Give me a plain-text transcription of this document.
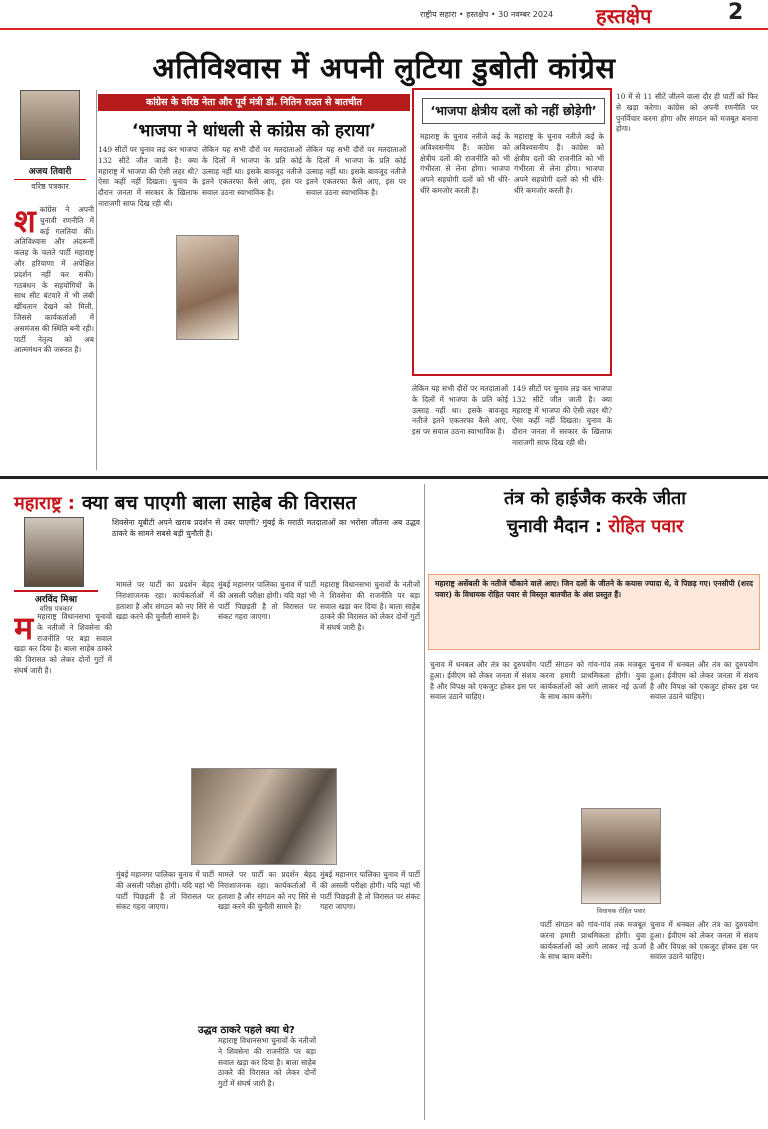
राष्ट्रीय सहारा • हस्तक्षेप • 30 नवम्बर 2024 हस्तक्षेप	2
अतिविश्वास में अपनी लुटिया डुबोती कांग्रेस
अजय तिवारी
वरिष्ठ पत्रकार
श कांग्रेस ने अपनी चुनावी रणनीति में कई गलतियां कीं। अतिविश्वास और अंदरूनी कलह के चलते पार्टी महाराष्ट्र और हरियाणा में अपेक्षित प्रदर्शन नहीं कर सकी। गठबंधन के सहयोगियों के साथ सीट बंटवारे में भी लंबी खींचतान देखने को मिली, जिससे कार्यकर्ताओं में असमंजस की स्थिति बनी रही। पार्टी नेतृत्व को अब आत्ममंथन की जरूरत है।
कांग्रेस के वरिष्ठ नेता और पूर्व मंत्री डॉ. नितिन राउत से बातचीत
‘भाजपा ने धांधली से कांग्रेस को हराया’
149 सीटों पर चुनाव लड़ कर भाजपा 132 सीटें जीत जाती है। क्या महाराष्ट्र में भाजपा की ऐसी लहर थी? ऐसा कहीं नहीं दिखता। चुनाव के दौरान जनता में सरकार के खिलाफ नाराजगी साफ दिख रही थी।
लेकिन यह सभी दौरों पर मतदाताओं के दिलों में भाजपा के प्रति कोई उत्साह नहीं था। इसके बावजूद नतीजे इतने एकतरफा कैसे आए, इस पर सवाल उठना स्वाभाविक है।
लेकिन यह सभी दौरों पर मतदाताओं के दिलों में भाजपा के प्रति कोई उत्साह नहीं था। इसके बावजूद नतीजे इतने एकतरफा कैसे आए, इस पर सवाल उठना स्वाभाविक है।
‘भाजपा क्षेत्रीय दलों को नहीं छोड़ेगी’
महाराष्ट्र के चुनाव नतीजे कई के अविश्वसनीय हैं। कांग्रेस को क्षेत्रीय दलों की राजनीति को भी गंभीरता से लेना होगा। भाजपा अपने सहयोगी दलों को भी धीरे-धीरे कमजोर करती है।
महाराष्ट्र के चुनाव नतीजे कई के अविश्वसनीय हैं। कांग्रेस को क्षेत्रीय दलों की राजनीति को भी गंभीरता से लेना होगा। भाजपा अपने सहयोगी दलों को भी धीरे-धीरे कमजोर करती है।
लेकिन यह सभी दौरों पर मतदाताओं के दिलों में भाजपा के प्रति कोई उत्साह नहीं था। इसके बावजूद नतीजे इतने एकतरफा कैसे आए, इस पर सवाल उठना स्वाभाविक है।
149 सीटों पर चुनाव लड़ कर भाजपा 132 सीटें जीत जाती है। क्या महाराष्ट्र में भाजपा की ऐसी लहर थी? ऐसा कहीं नहीं दिखता। चुनाव के दौरान जनता में सरकार के खिलाफ नाराजगी साफ दिख रही थी।
10 में से 11 सीटें जीतने वाला दौर ही पार्टी को फिर से खड़ा करेगा। कांग्रेस को अपनी रणनीति पर पुनर्विचार करना होगा और संगठन को मजबूत बनाना होगा।
महाराष्ट्र : क्या बच पाएगी बाला साहेब की विरासत
शिवसेना यूबीटी अपने खराब प्रदर्शन से उबर पाएगी? मुंबई के मराठी मतदाताओं का भरोसा जीतना अब उद्धव ठाकरे के सामने सबसे बड़ी चुनौती है।
अरविंद मिश्रा
वरिष्ठ पत्रकार
म महाराष्ट्र विधानसभा चुनावों के नतीजों ने शिवसेना की राजनीति पर बड़ा सवाल खड़ा कर दिया है। बाला साहेब ठाकरे की विरासत को लेकर दोनों गुटों में संघर्ष जारी है।
मामले पर पार्टी का प्रदर्शन बेहद निराशाजनक रहा। कार्यकर्ताओं में हताशा है और संगठन को नए सिरे से खड़ा करने की चुनौती सामने है।
मुंबई महानगर पालिका चुनाव में पार्टी की असली परीक्षा होगी। यदि यहां भी पार्टी पिछड़ती है तो विरासत पर संकट गहरा जाएगा।
महाराष्ट्र विधानसभा चुनावों के नतीजों ने शिवसेना की राजनीति पर बड़ा सवाल खड़ा कर दिया है। बाला साहेब ठाकरे की विरासत को लेकर दोनों गुटों में संघर्ष जारी है।
मुंबई महानगर पालिका चुनाव में पार्टी की असली परीक्षा होगी। यदि यहां भी पार्टी पिछड़ती है तो विरासत पर संकट गहरा जाएगा।
मामले पर पार्टी का प्रदर्शन बेहद निराशाजनक रहा। कार्यकर्ताओं में हताशा है और संगठन को नए सिरे से खड़ा करने की चुनौती सामने है।
उद्धव ठाकरे पहले क्या थे?
महाराष्ट्र विधानसभा चुनावों के नतीजों ने शिवसेना की राजनीति पर बड़ा सवाल खड़ा कर दिया है। बाला साहेब ठाकरे की विरासत को लेकर दोनों गुटों में संघर्ष जारी है।
मुंबई महानगर पालिका चुनाव में पार्टी की असली परीक्षा होगी। यदि यहां भी पार्टी पिछड़ती है तो विरासत पर संकट गहरा जाएगा।
तंत्र को हाईजैक करके जीता
चुनावी मैदान : रोहित पवार

महाराष्ट्र असेंबली के नतीजे चौंकाने वाले आए। जिन दलों के जीतने के कयास ज्यादा थे, वे पिछड़ गए। एनसीपी (शरद पवार) के विधायक रोहित पवार से विस्तृत बातचीत के अंश प्रस्तुत हैं।

चुनाव में धनबल और तंत्र का दुरुपयोग हुआ। ईवीएम को लेकर जनता में संशय है और विपक्ष को एकजुट होकर इस पर सवाल उठाने चाहिए।
पार्टी संगठन को गांव-गांव तक मजबूत करना हमारी प्राथमिकता होगी। युवा कार्यकर्ताओं को आगे लाकर नई ऊर्जा के साथ काम करेंगे।
चुनाव में धनबल और तंत्र का दुरुपयोग हुआ। ईवीएम को लेकर जनता में संशय है और विपक्ष को एकजुट होकर इस पर सवाल उठाने चाहिए।
विधायक रोहित पवार
पार्टी संगठन को गांव-गांव तक मजबूत करना हमारी प्राथमिकता होगी। युवा कार्यकर्ताओं को आगे लाकर नई ऊर्जा के साथ काम करेंगे।
चुनाव में धनबल और तंत्र का दुरुपयोग हुआ। ईवीएम को लेकर जनता में संशय है और विपक्ष को एकजुट होकर इस पर सवाल उठाने चाहिए।
